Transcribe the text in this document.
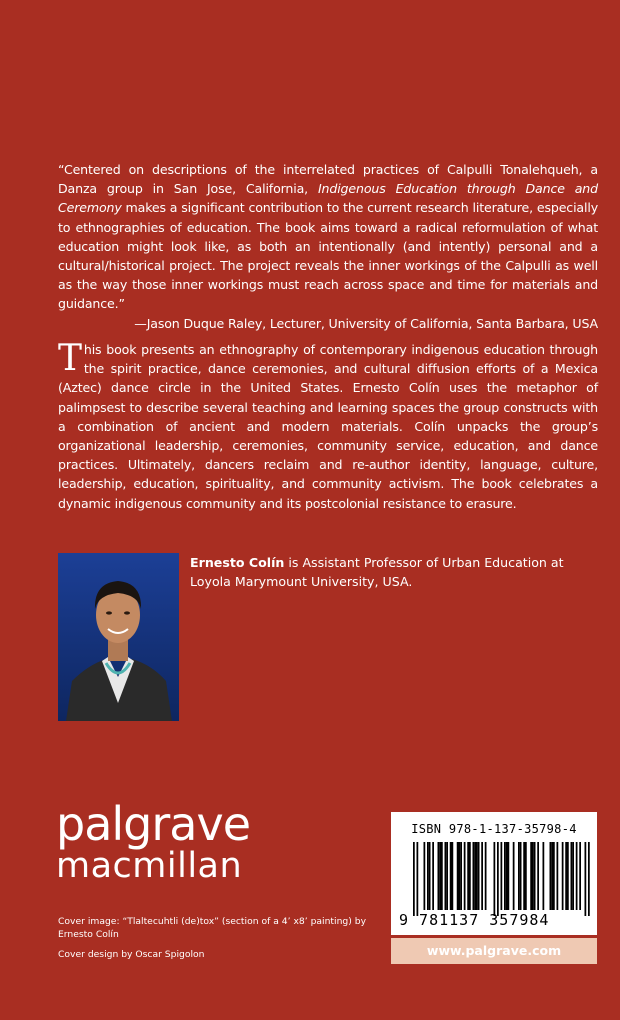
“Centered on descriptions of the interrelated practices of Calpulli Tonalehqueh, a Danza group in San Jose, California, Indigenous Education through Dance and Ceremony makes a significant contribution to the current research literature, especially to ethnographies of education. The book aims toward a radical reformulation of what education might look like, as both an intentionally (and intently) personal and a cultural/historical project. The project reveals the inner workings of the Calpulli as well as the way those inner workings must reach across space and time for materials and guidance.”

—Jason Duque Raley, Lecturer, University of California, Santa Barbara, USA

This book presents an ethnography of contemporary indigenous education through the spirit practice, dance ceremonies, and cultural diffusion efforts of a Mexica (Aztec) dance circle in the United States. Ernesto Colín uses the metaphor of palimpsest to describe several teaching and learning spaces the group constructs with a combination of ancient and modern materials. Colín unpacks the group’s organizational leadership, ceremonies, community service, education, and dance practices. Ultimately, dancers reclaim and re-author identity, language, culture, leadership, education, spirituality, and community activism. The book celebrates a dynamic indigenous community and its postcolonial resistance to erasure.

Ernesto Colín is Assistant Professor of Urban Education at Loyola Marymount University, USA.
palgrave
macmillan

Cover image: “Tlaltecuhtli (de)tox” (section of a 4’ x8’ painting) by Ernesto Colín

Cover design by Oscar Spigolon

ISBN 978-1-137-35798-4
9 781137 357984
www.palgrave.com
